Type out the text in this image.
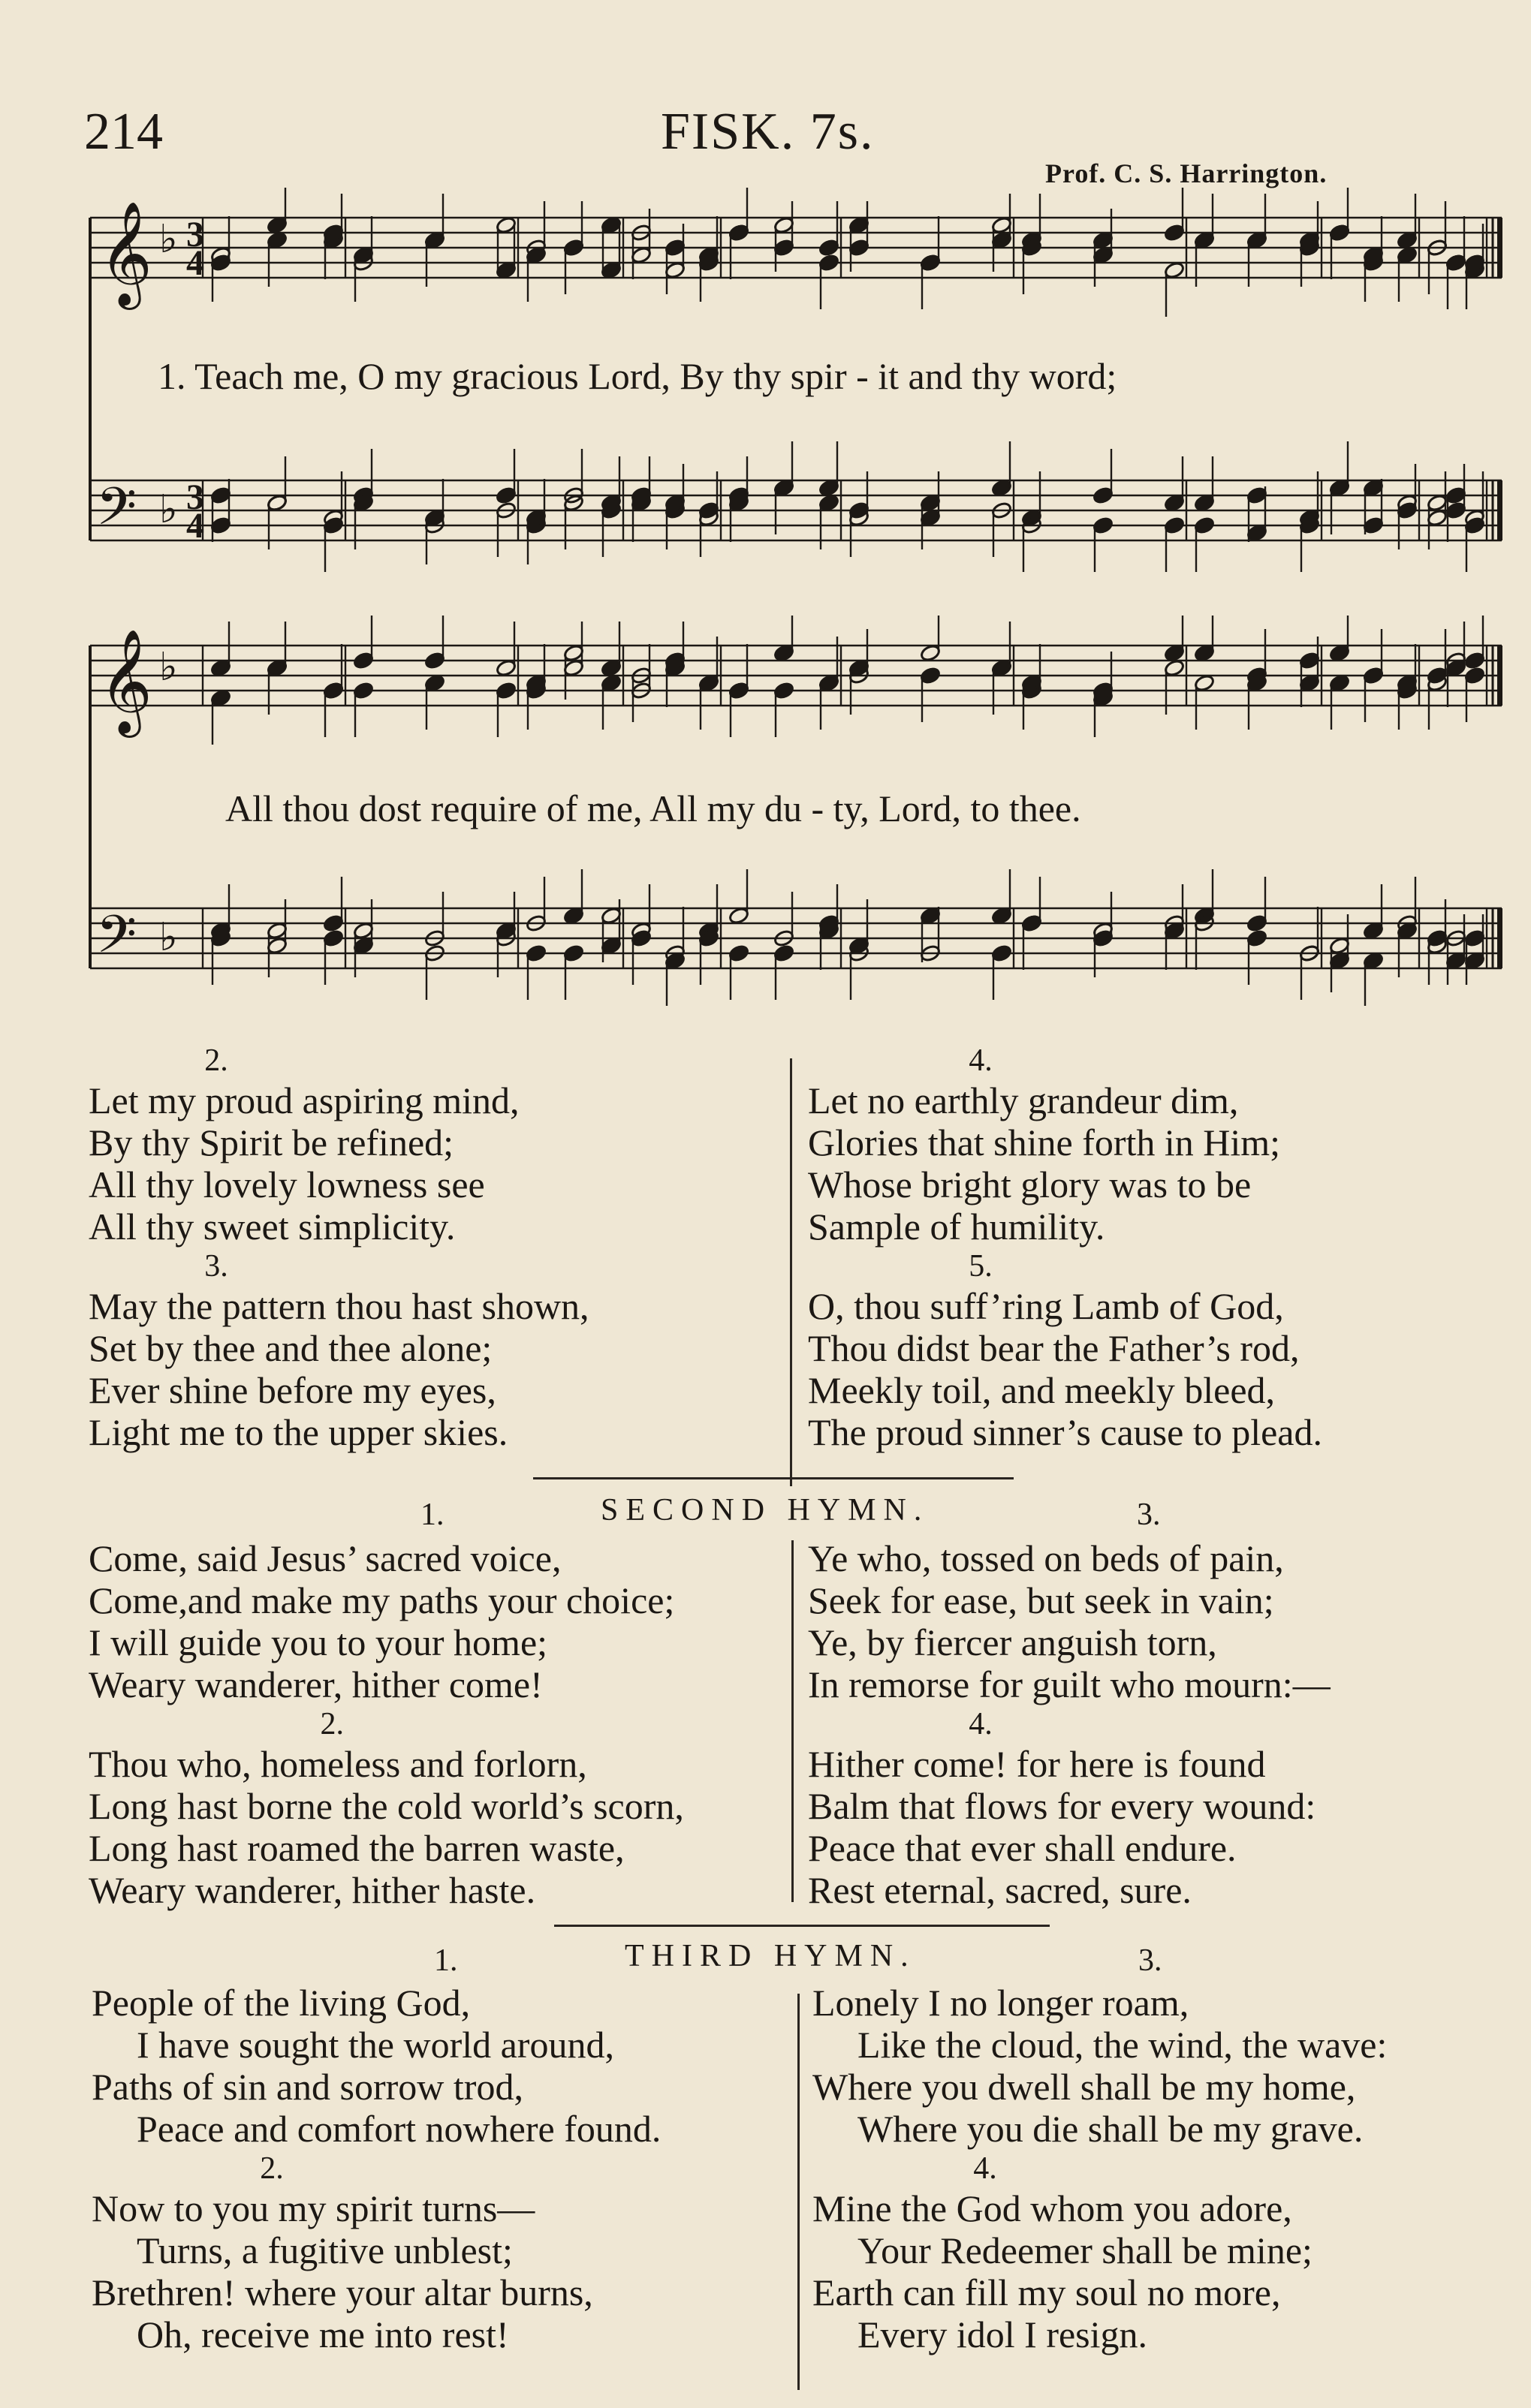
214	FISK. 7s.
Prof. C. S. Harrington.
𝄞
𝄢
♭
♭
3
3
4
4
1. Teach me, O my gracious Lord, By thy spir - it and thy word;
𝄞
𝄢
♭
♭
All thou dost require of me, All my du - ty, Lord, to thee.
2.
Let my proud aspiring mind,
By thy Spirit be refined;
All thy lovely lowness see
All thy sweet simplicity.
3.
May the pattern thou hast shown,
Set by thee and thee alone;
Ever shine before my eyes,
Light me to the upper skies.
4.
Let no earthly grandeur dim,
Glories that shine forth in Him;
Whose bright glory was to be
Sample of humility.
5.
O, thou suff’ring Lamb of God,
Thou didst bear the Father’s rod,
Meekly toil, and meekly bleed,
The proud sinner’s cause to plead.
1.	SECOND HYMN.	3.
Come, said Jesus’ sacred voice,
Come,and make my paths your choice;
I will guide you to your home;
Weary wanderer, hither come!
2.
Thou who, homeless and forlorn,
Long hast borne the cold world’s scorn,
Long hast roamed the barren waste,
Weary wanderer, hither haste.
Ye who, tossed on beds of pain,
Seek for ease, but seek in vain;
Ye, by fiercer anguish torn,
In remorse for guilt who mourn:—
4.
Hither come! for here is found
Balm that flows for every wound:
Peace that ever shall endure.
Rest eternal, sacred, sure.
1.	THIRD HYMN.	3.
People of the living God,
I have sought the world around,
Paths of sin and sorrow trod,
Peace and comfort nowhere found.
2.
Now to you my spirit turns—
Turns, a fugitive unblest;
Brethren! where your altar burns,
Oh, receive me into rest!
Lonely I no longer roam,
Like the cloud, the wind, the wave:
Where you dwell shall be my home,
Where you die shall be my grave.
4.
Mine the God whom you adore,
Your Redeemer shall be mine;
Earth can fill my soul no more,
Every idol I resign.
